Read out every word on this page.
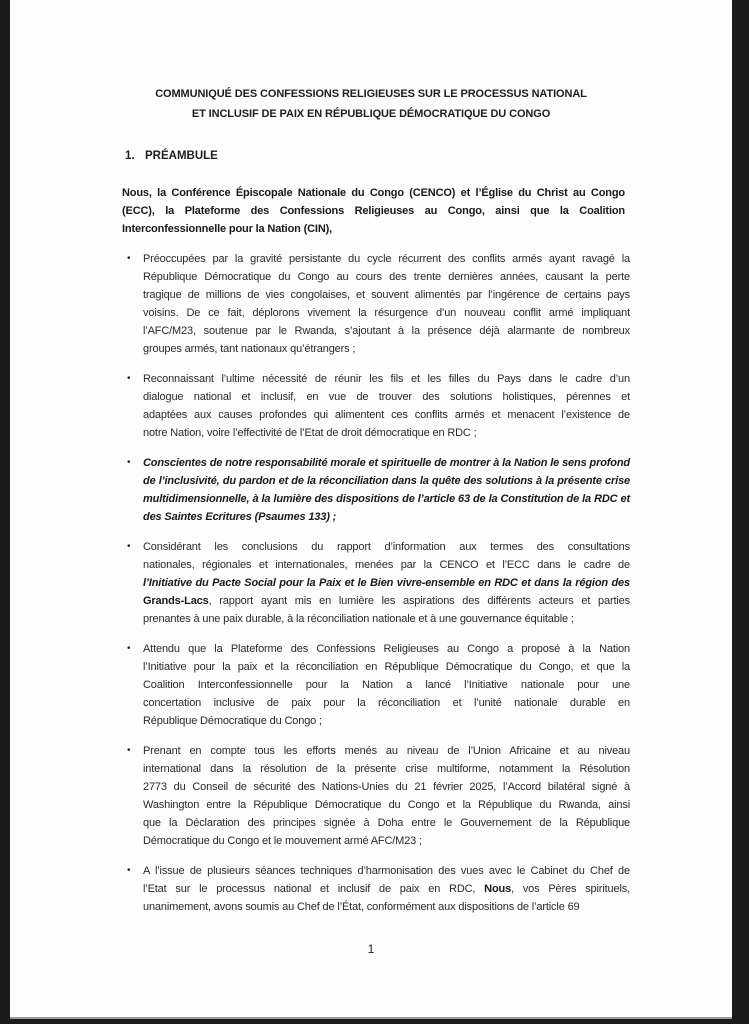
COMMUNIQUÉ DES CONFESSIONS RELIGIEUSES SUR LE PROCESSUS NATIONAL
ET INCLUSIF DE PAIX EN RÉPUBLIQUE DÉMOCRATIQUE DU CONGO
1. PRÉAMBULE
Nous, la Conférence Épiscopale Nationale du Congo (CENCO) et l’Église du Christ au Congo
(ECC), la Plateforme des Confessions Religieuses au Congo, ainsi que la Coalition
Interconfessionnelle pour la Nation (CIN),
• Préoccupées par la gravité persistante du cycle récurrent des conflits armés ayant ravagé la
République Démocratique du Congo au cours des trente dernières années, causant la perte
tragique de millions de vies congolaises, et souvent alimentés par l’ingérence de certains pays
voisins. De ce fait, déplorons vivement la résurgence d’un nouveau conflit armé impliquant
l’AFC/M23, soutenue par le Rwanda, s’ajoutant à la présence déjà alarmante de nombreux
groupes armés, tant nationaux qu’étrangers ;
• Reconnaissant l’ultime nécessité de réunir les fils et les filles du Pays dans le cadre d’un
dialogue national et inclusif, en vue de trouver des solutions holistiques, pérennes et
adaptées aux causes profondes qui alimentent ces conflits armés et menacent l’existence de
notre Nation, voire l’effectivité de l’Etat de droit démocratique en RDC ;
• Conscientes de notre responsabilité morale et spirituelle de montrer à la Nation le sens profond
de l’inclusivité, du pardon et de la réconciliation dans la quête des solutions à la présente crise
multidimensionnelle, à la lumière des dispositions de l’article 63 de la Constitution de la RDC et
des Saintes Ecritures (Psaumes 133) ;
• Considérant les conclusions du rapport d’information aux termes des consultations
nationales, régionales et internationales, menées par la CENCO et l’ECC dans le cadre de
l’Initiative du Pacte Social pour la Paix et le Bien vivre-ensemble en RDC et dans la région des
Grands-Lacs, rapport ayant mis en lumière les aspirations des différents acteurs et parties
prenantes à une paix durable, à la réconciliation nationale et à une gouvernance équitable ;
• Attendu que la Plateforme des Confessions Religieuses au Congo a proposé à la Nation
l’Initiative pour la paix et la réconciliation en République Démocratique du Congo, et que la
Coalition Interconfessionnelle pour la Nation a lancé l’Initiative nationale pour une
concertation inclusive de paix pour la réconciliation et l’unité nationale durable en
République Démocratique du Congo ;
• Prenant en compte tous les efforts menés au niveau de l’Union Africaine et au niveau
international dans la résolution de la présente crise multiforme, notamment la Résolution
2773 du Conseil de sécurité des Nations-Unies du 21 février 2025, l’Accord bilatéral signé à
Washington entre la République Démocratique du Congo et la République du Rwanda, ainsi
que la Déclaration des principes signée à Doha entre le Gouvernement de la République
Démocratique du Congo et le mouvement armé AFC/M23 ;
• A l’issue de plusieurs séances techniques d’harmonisation des vues avec le Cabinet du Chef de
l’Etat sur le processus national et inclusif de paix en RDC, Nous, vos Pères spirituels,
unanimement, avons soumis au Chef de l’État, conformément aux dispositions de l’article 69
1
